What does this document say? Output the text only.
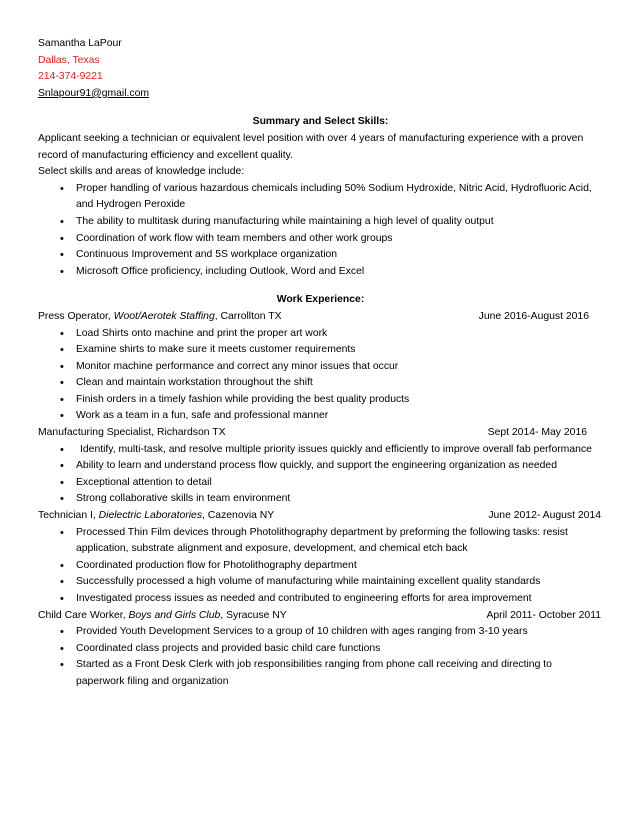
Samantha LaPour
Dallas, Texas
214-374-9221
Snlapour91@gmail.com
Summary and Select Skills:

Applicant seeking a technician or equivalent level position with over 4 years of manufacturing experience with a proven record of manufacturing efficiency and excellent quality.

Select skills and areas of knowledge include:
• Proper handling of various hazardous chemicals including 50% Sodium Hydroxide, Nitric Acid, Hydrofluoric Acid, and Hydrogen Peroxide
• The ability to multitask during manufacturing while maintaining a high level of quality output
• Coordination of work flow with team members and other work groups
• Continuous Improvement and 5S workplace organization
• Microsoft Office proficiency, including Outlook, Word and Excel
Work Experience:
Press Operator, Woot/Aerotek Staffing, Carrollton TX	June 2016-August 2016
• Load Shirts onto machine and print the proper art work
• Examine shirts to make sure it meets customer requirements
• Monitor machine performance and correct any minor issues that occur
• Clean and maintain workstation throughout the shift
• Finish orders in a timely fashion while providing the best quality products
• Work as a team in a fun, safe and professional manner
Manufacturing Specialist, Richardson TX	Sept 2014- May 2016
• Identify, multi-task, and resolve multiple priority issues quickly and efficiently to improve overall fab performance
• Ability to learn and understand process flow quickly, and support the engineering organization as needed
• Exceptional attention to detail
• Strong collaborative skills in team environment
Technician I, Dielectric Laboratories, Cazenovia NY	June 2012- August 2014
• Processed Thin Film devices through Photolithography department by preforming the following tasks: resist application, substrate alignment and exposure, development, and chemical etch back
• Coordinated production flow for Photolithography department
• Successfully processed a high volume of manufacturing while maintaining excellent quality standards
• Investigated process issues as needed and contributed to engineering efforts for area improvement
Child Care Worker, Boys and Girls Club, Syracuse NY	April 2011- October 2011
• Provided Youth Development Services to a group of 10 children with ages ranging from 3-10 years
• Coordinated class projects and provided basic child care functions
• Started as a Front Desk Clerk with job responsibilities ranging from phone call receiving and directing to paperwork filing and organization
